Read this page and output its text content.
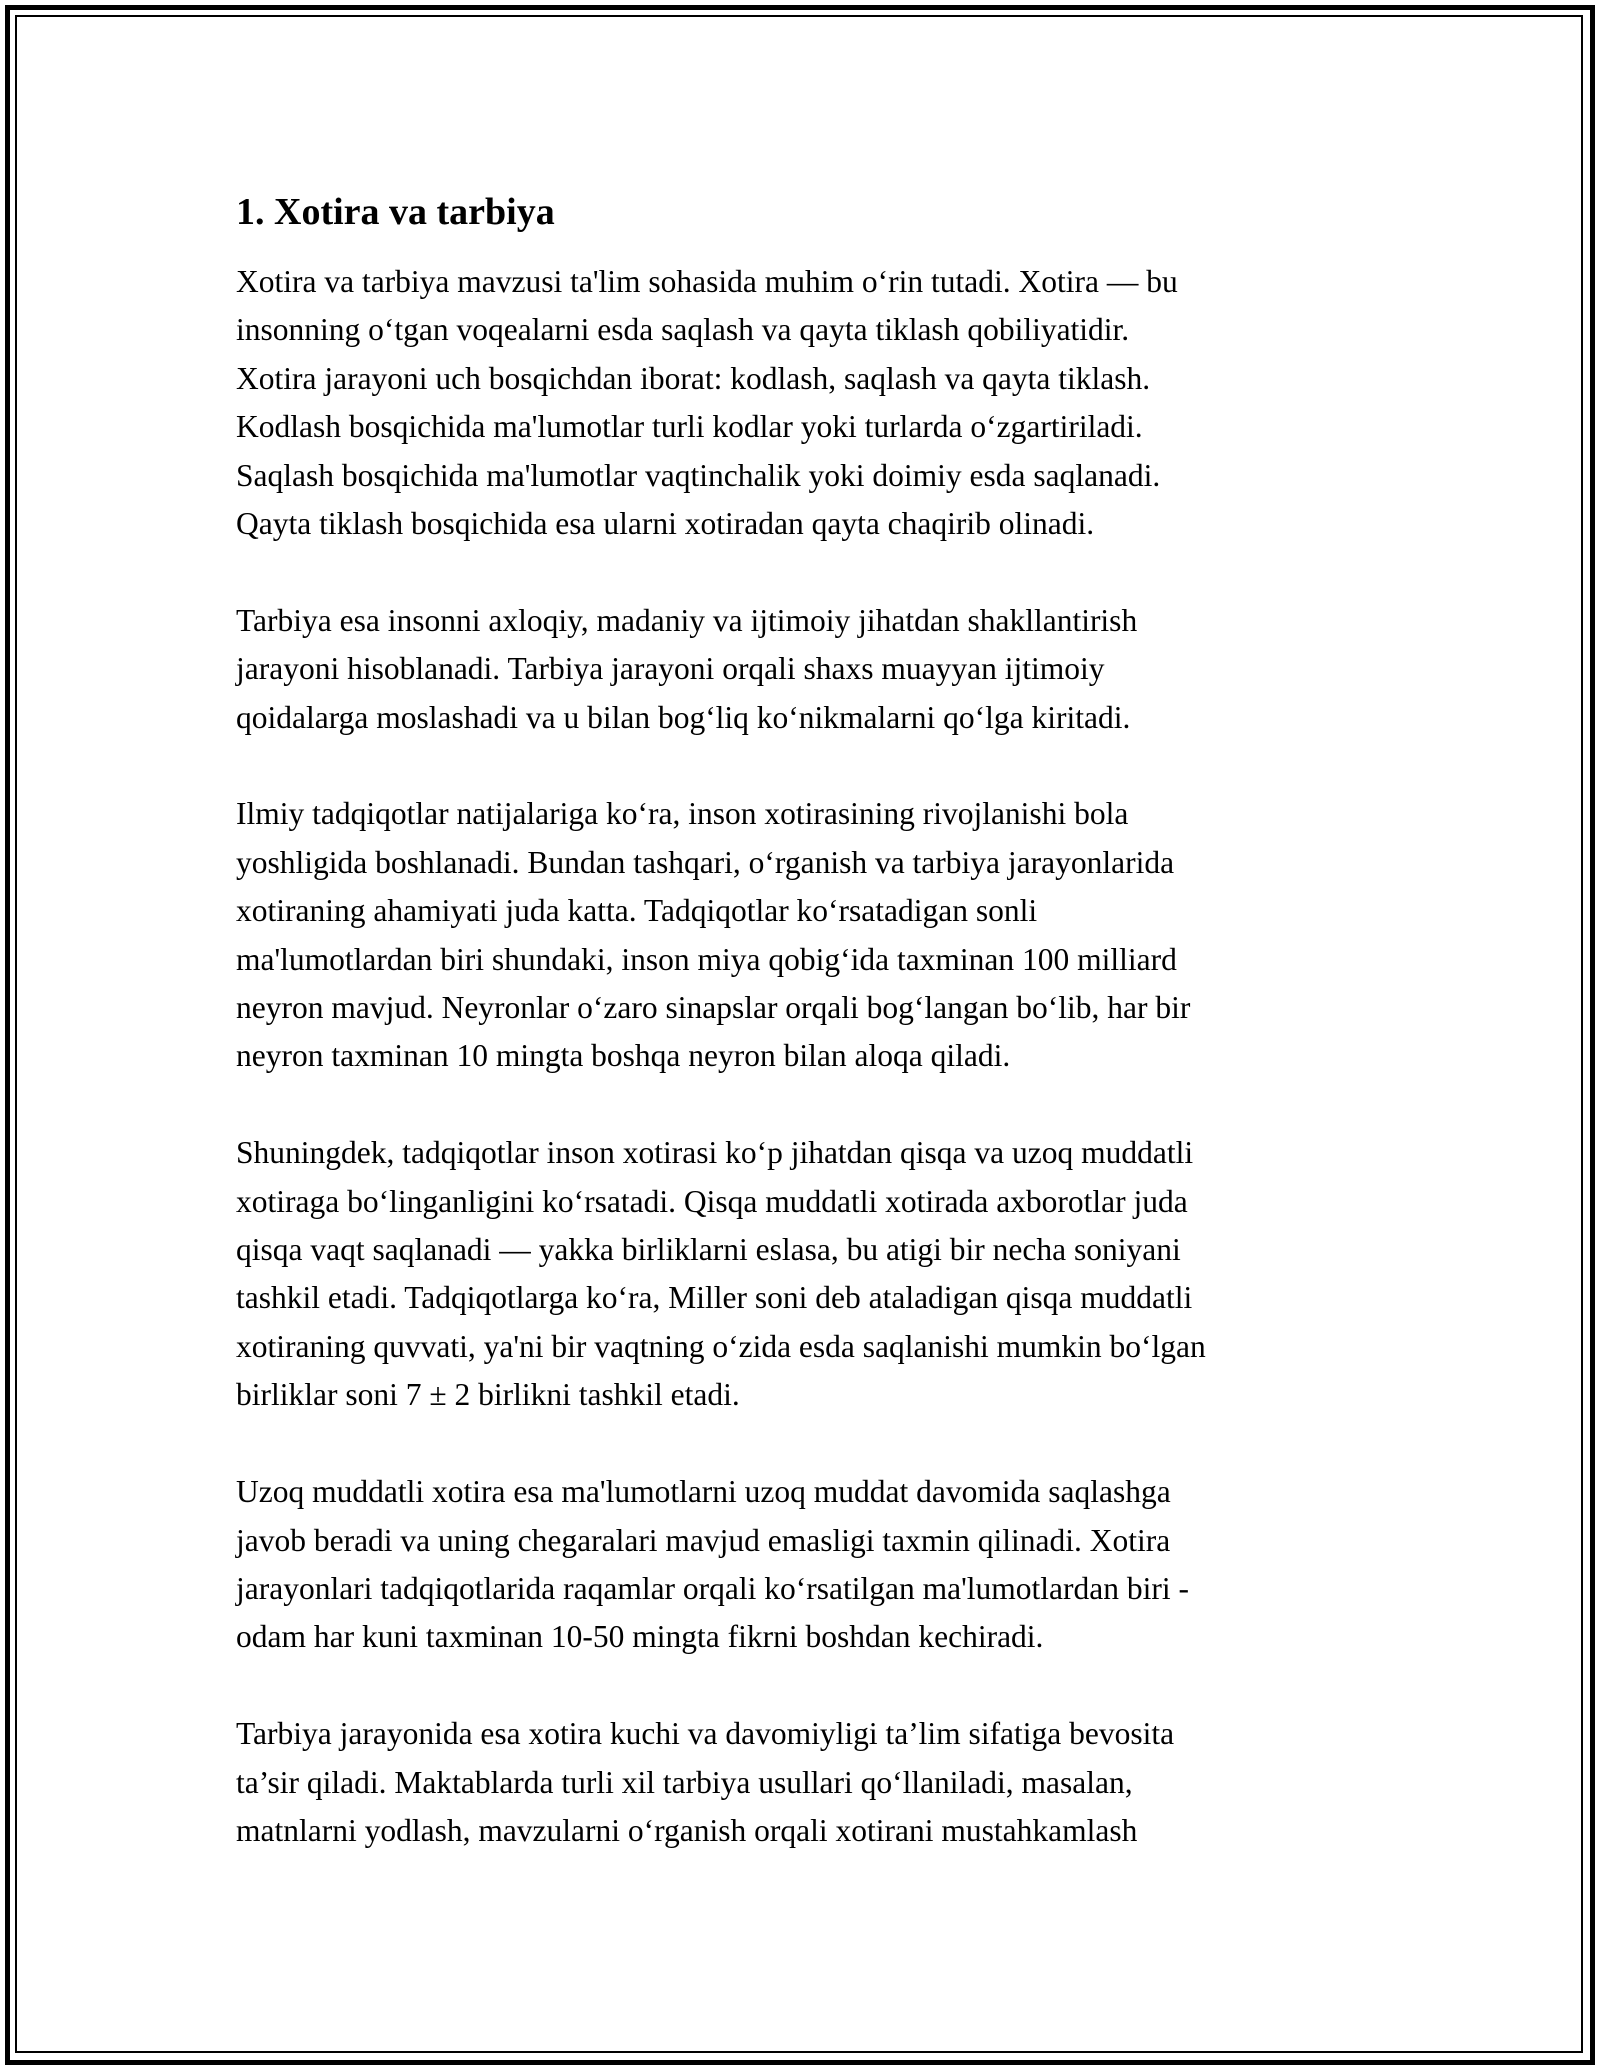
1. Xotira va tarbiya

Xotira va tarbiya mavzusi ta'lim sohasida muhim o‘rin tutadi. Xotira — bu
insonning o‘tgan voqealarni esda saqlash va qayta tiklash qobiliyatidir.
Xotira jarayoni uch bosqichdan iborat: kodlash, saqlash va qayta tiklash.
Kodlash bosqichida ma'lumotlar turli kodlar yoki turlarda o‘zgartiriladi.
Saqlash bosqichida ma'lumotlar vaqtinchalik yoki doimiy esda saqlanadi.
Qayta tiklash bosqichida esa ularni xotiradan qayta chaqirib olinadi.

Tarbiya esa insonni axloqiy, madaniy va ijtimoiy jihatdan shakllantirish
jarayoni hisoblanadi. Tarbiya jarayoni orqali shaxs muayyan ijtimoiy
qoidalarga moslashadi va u bilan bog‘liq ko‘nikmalarni qo‘lga kiritadi.

Ilmiy tadqiqotlar natijalariga ko‘ra, inson xotirasining rivojlanishi bola
yoshligida boshlanadi. Bundan tashqari, o‘rganish va tarbiya jarayonlarida
xotiraning ahamiyati juda katta. Tadqiqotlar ko‘rsatadigan sonli
ma'lumotlardan biri shundaki, inson miya qobig‘ida taxminan 100 milliard
neyron mavjud. Neyronlar o‘zaro sinapslar orqali bog‘langan bo‘lib, har bir
neyron taxminan 10 mingta boshqa neyron bilan aloqa qiladi.

Shuningdek, tadqiqotlar inson xotirasi ko‘p jihatdan qisqa va uzoq muddatli
xotiraga bo‘linganligini ko‘rsatadi. Qisqa muddatli xotirada axborotlar juda
qisqa vaqt saqlanadi — yakka birliklarni eslasa, bu atigi bir necha soniyani
tashkil etadi. Tadqiqotlarga ko‘ra, Miller soni deb ataladigan qisqa muddatli
xotiraning quvvati, ya'ni bir vaqtning o‘zida esda saqlanishi mumkin bo‘lgan
birliklar soni 7 ± 2 birlikni tashkil etadi.

Uzoq muddatli xotira esa ma'lumotlarni uzoq muddat davomida saqlashga
javob beradi va uning chegaralari mavjud emasligi taxmin qilinadi. Xotira
jarayonlari tadqiqotlarida raqamlar orqali ko‘rsatilgan ma'lumotlardan biri -
odam har kuni taxminan 10-50 mingta fikrni boshdan kechiradi.

Tarbiya jarayonida esa xotira kuchi va davomiyligi ta’lim sifatiga bevosita
ta’sir qiladi. Maktablarda turli xil tarbiya usullari qo‘llaniladi, masalan,
matnlarni yodlash, mavzularni o‘rganish orqali xotirani mustahkamlash
